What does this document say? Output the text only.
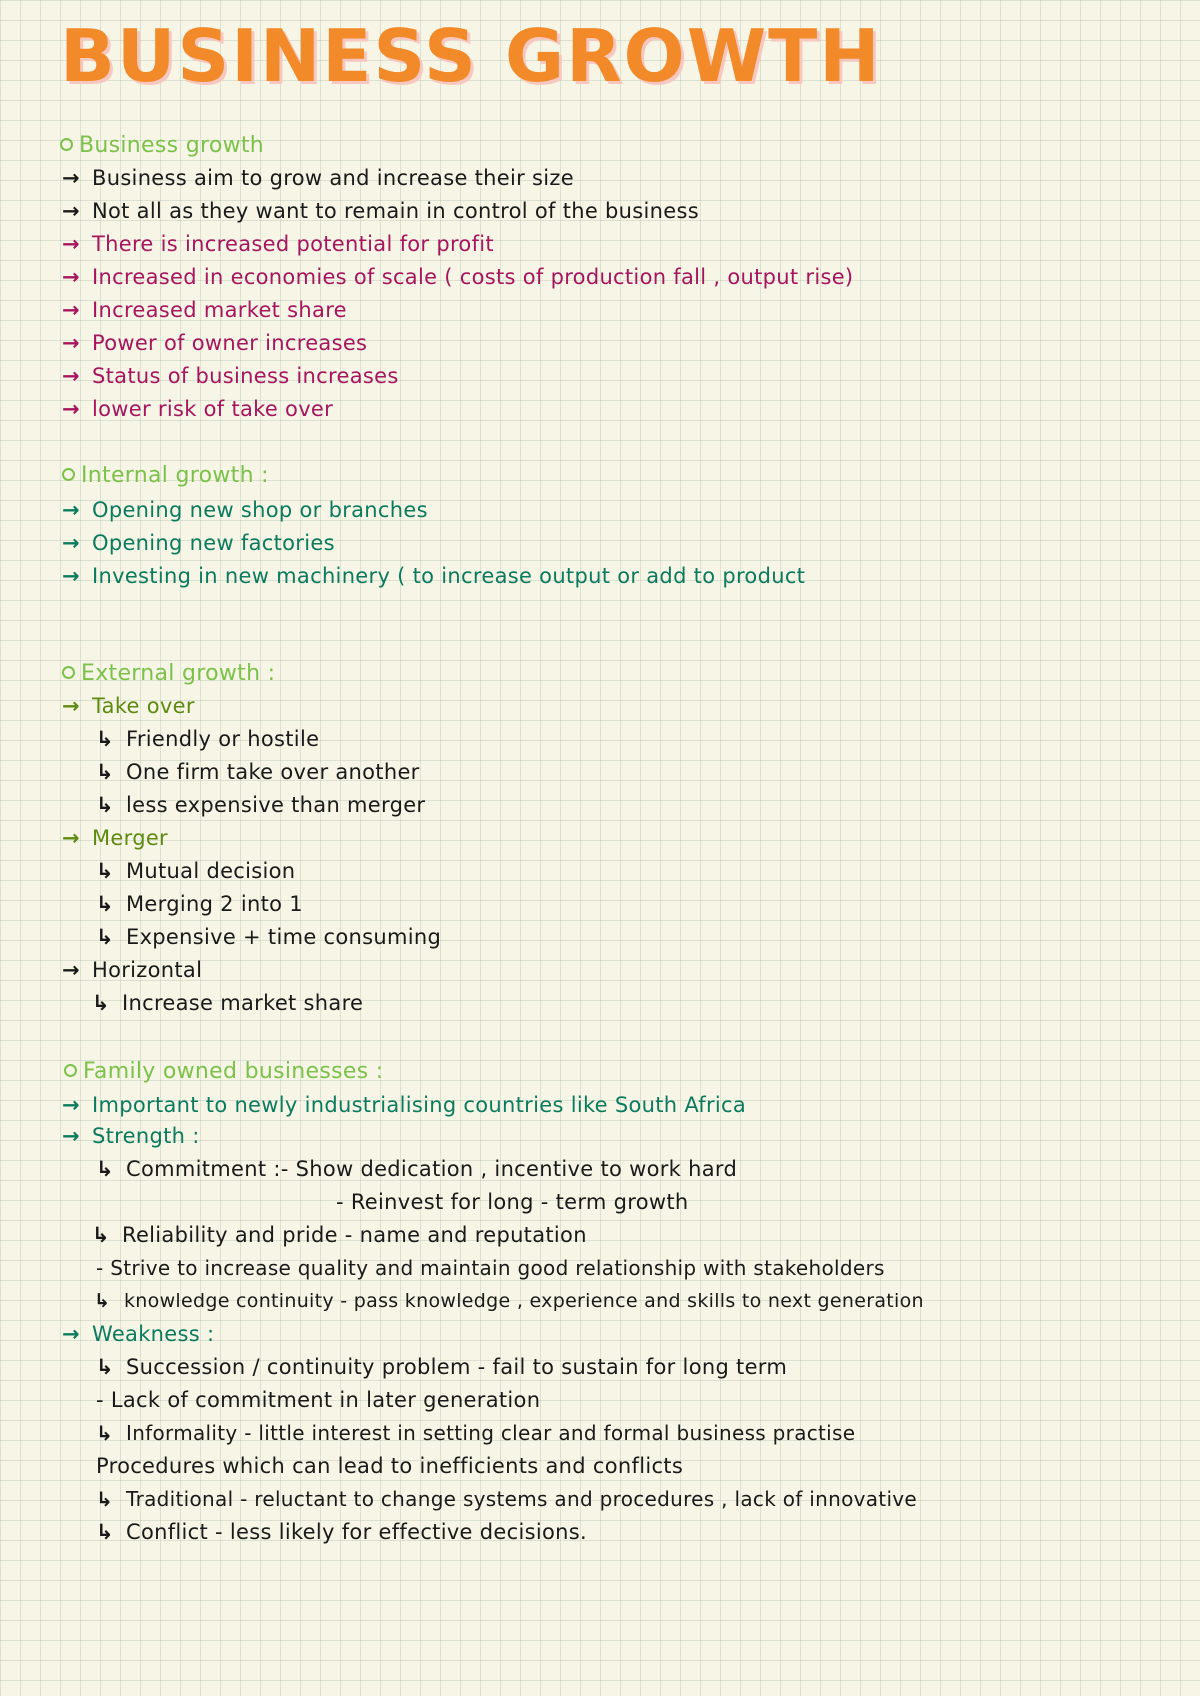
BUSINESS GROWTH
Business growth
→ Business aim to grow and increase their size
→ Not all as they want to remain in control of the business
→ There is increased potential for profit
→ Increased in economies of scale ( costs of production fall , output rise)
→ Increased market share
→ Power of owner increases
→ Status of business increases
→ lower risk of take over
Internal growth :
→ Opening new shop or branches
→ Opening new factories
→ Investing in new machinery ( to increase output or add to product
External growth :
→ Take over
↳ Friendly or hostile
↳ One firm take over another
↳ less expensive than merger
→ Merger
↳ Mutual decision
↳ Merging 2 into 1
↳ Expensive + time consuming
→ Horizontal
↳ Increase market share
Family owned businesses :
→ Important to newly industrialising countries like South Africa
→ Strength :
↳ Commitment :- Show dedication , incentive to work hard
- Reinvest for long - term growth
↳ Reliability and pride - name and reputation
- Strive to increase quality and maintain good relationship with stakeholders
↳ knowledge continuity - pass knowledge , experience and skills to next generation
→ Weakness :
↳ Succession / continuity problem - fail to sustain for long term
- Lack of commitment in later generation
↳ Informality - little interest in setting clear and formal business practise
Procedures which can lead to inefficients and conflicts
↳ Traditional - reluctant to change systems and procedures , lack of innovative
↳ Conflict - less likely for effective decisions.
